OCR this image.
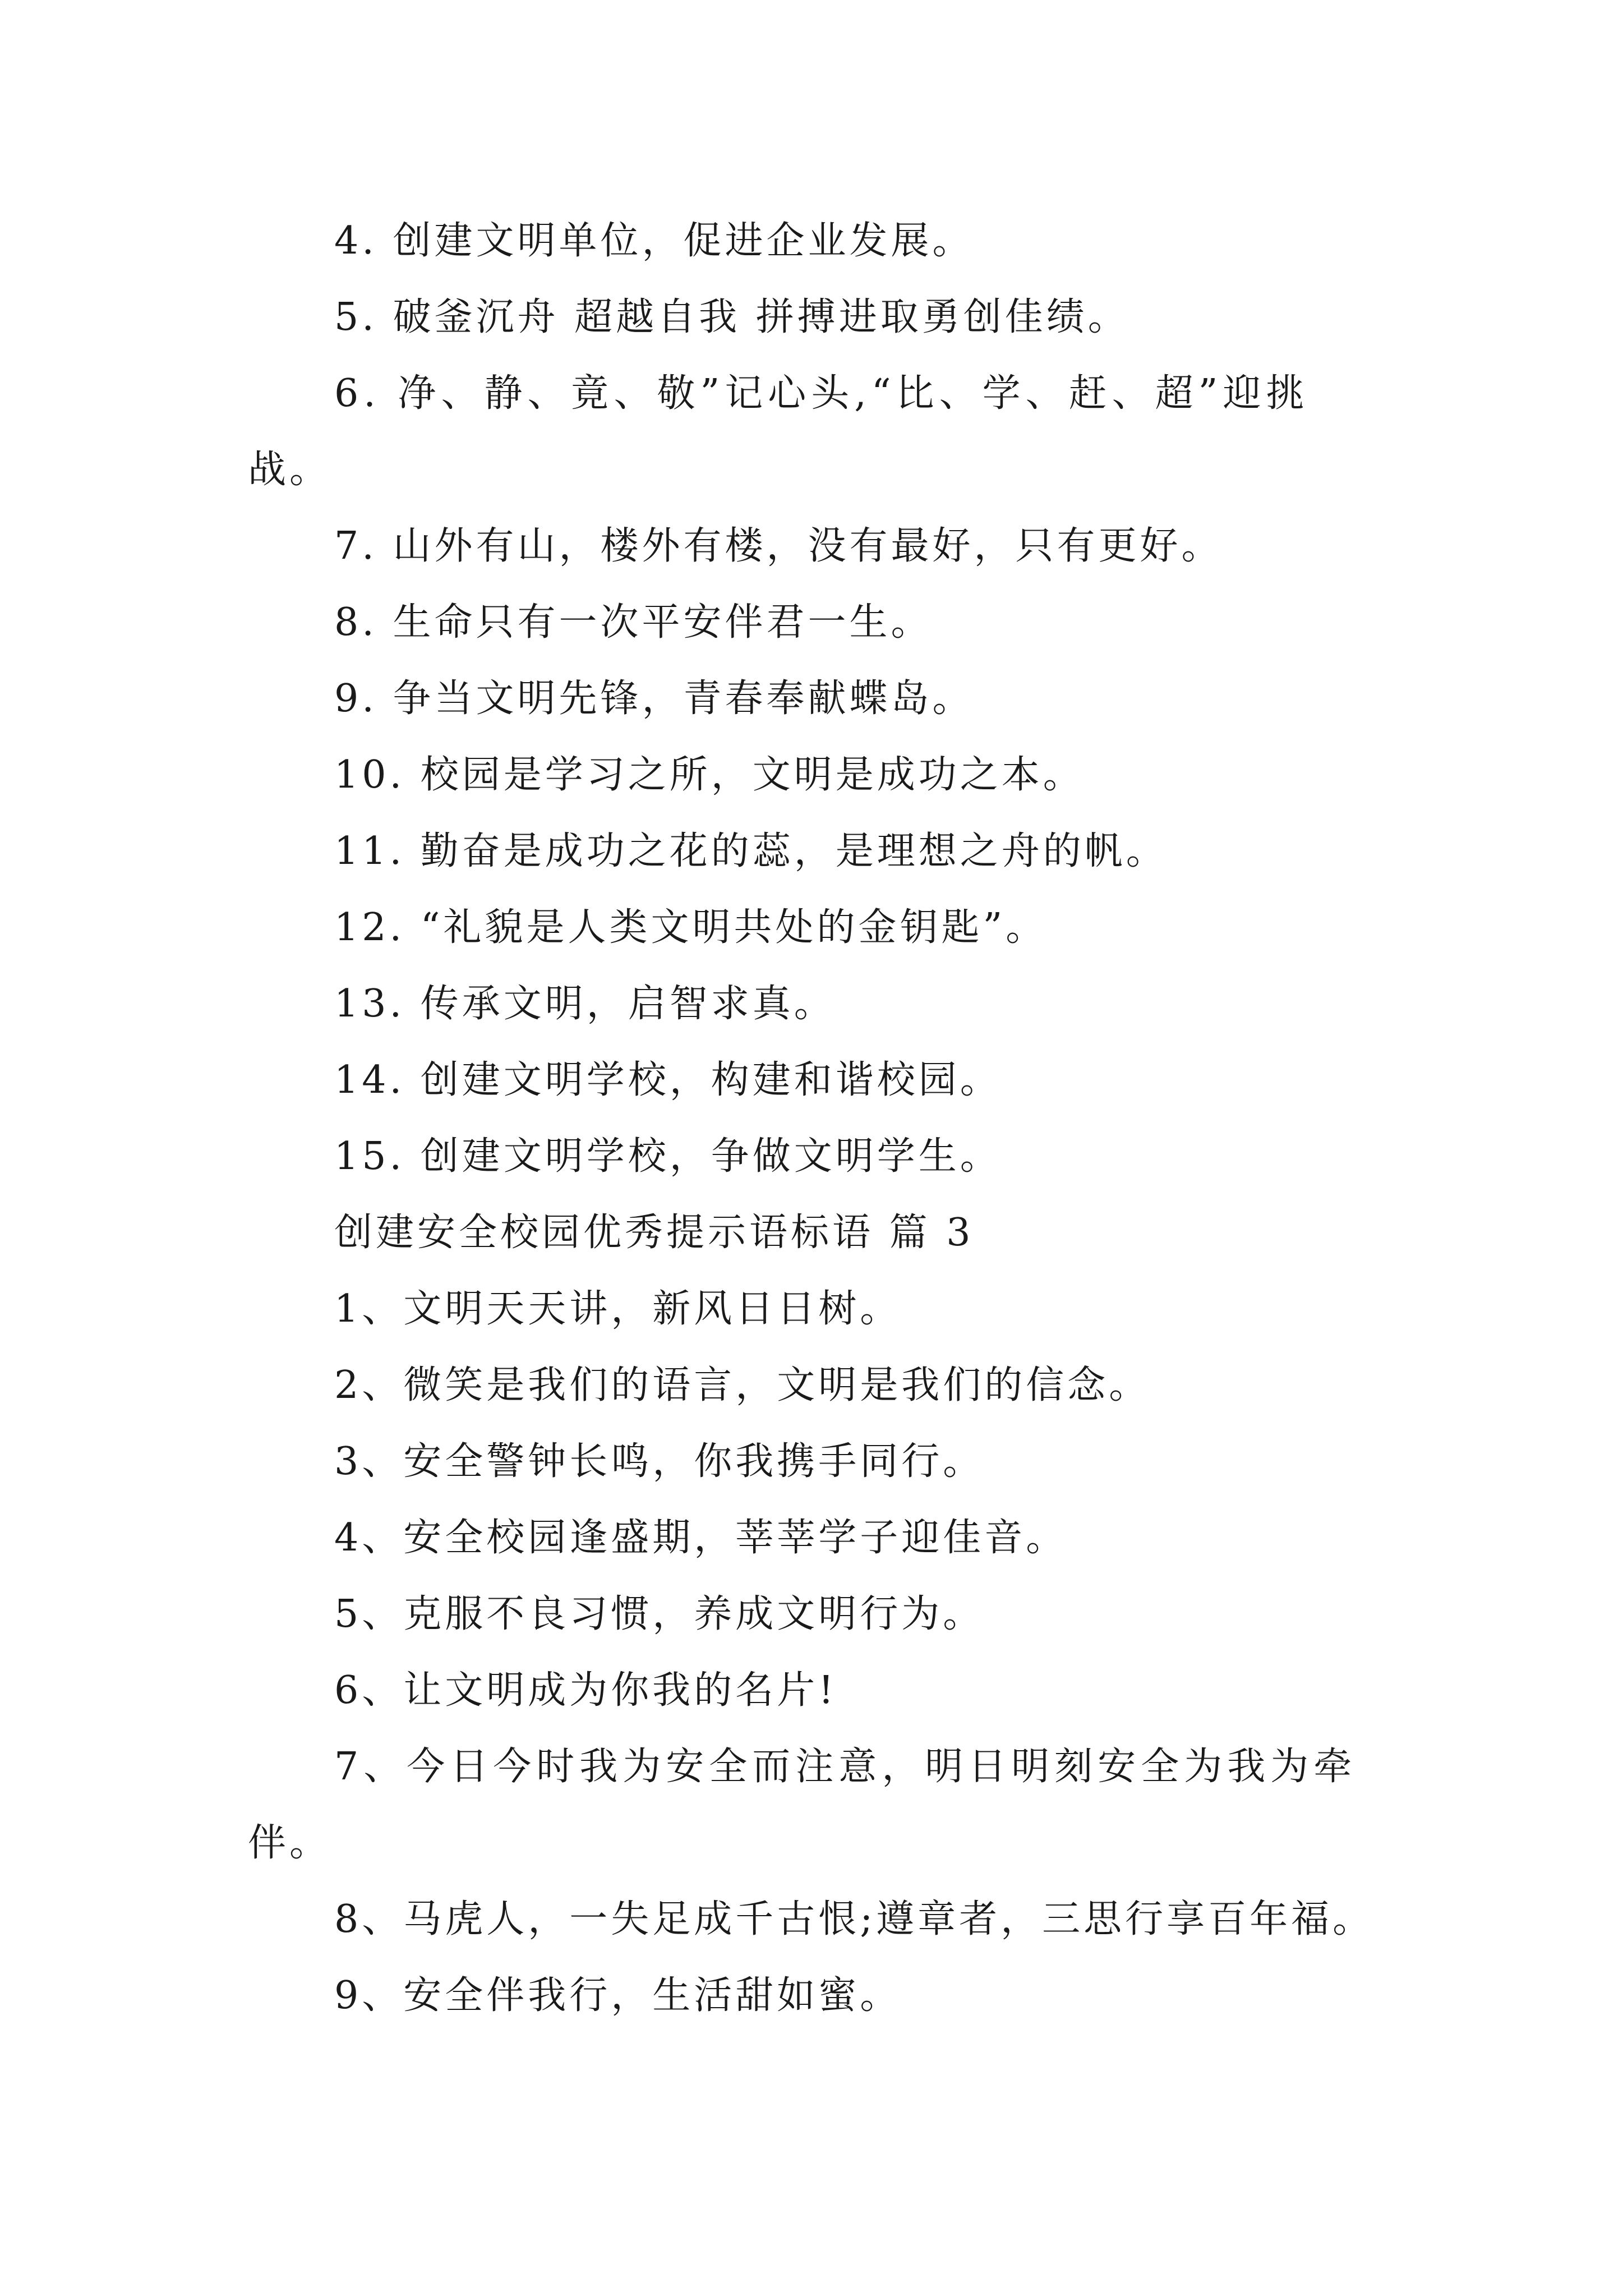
4. 创建文明单位，促进企业发展。
5. 破釜沉舟 超越自我 拼搏进取勇创佳绩。
6. 净、静、竟、敬”记心头,“比、学、赶、超”迎挑
战。
7. 山外有山，楼外有楼，没有最好，只有更好。
8. 生命只有一次平安伴君一生。
9. 争当文明先锋，青春奉献蝶岛。
10. 校园是学习之所，文明是成功之本。
11. 勤奋是成功之花的蕊，是理想之舟的帆。
12. “礼貌是人类文明共处的金钥匙”。
13. 传承文明，启智求真。
14. 创建文明学校，构建和谐校园。
15. 创建文明学校，争做文明学生。
创建安全校园优秀提示语标语 篇 3
1、文明天天讲，新风日日树。
2、微笑是我们的语言，文明是我们的信念。
3、安全警钟长鸣，你我携手同行。
4、安全校园逢盛期，莘莘学子迎佳音。
5、克服不良习惯，养成文明行为。
6、让文明成为你我的名片!
7、今日今时我为安全而注意，明日明刻安全为我为牵
伴。
8、马虎人，一失足成千古恨;遵章者，三思行享百年福。
9、安全伴我行，生活甜如蜜。
